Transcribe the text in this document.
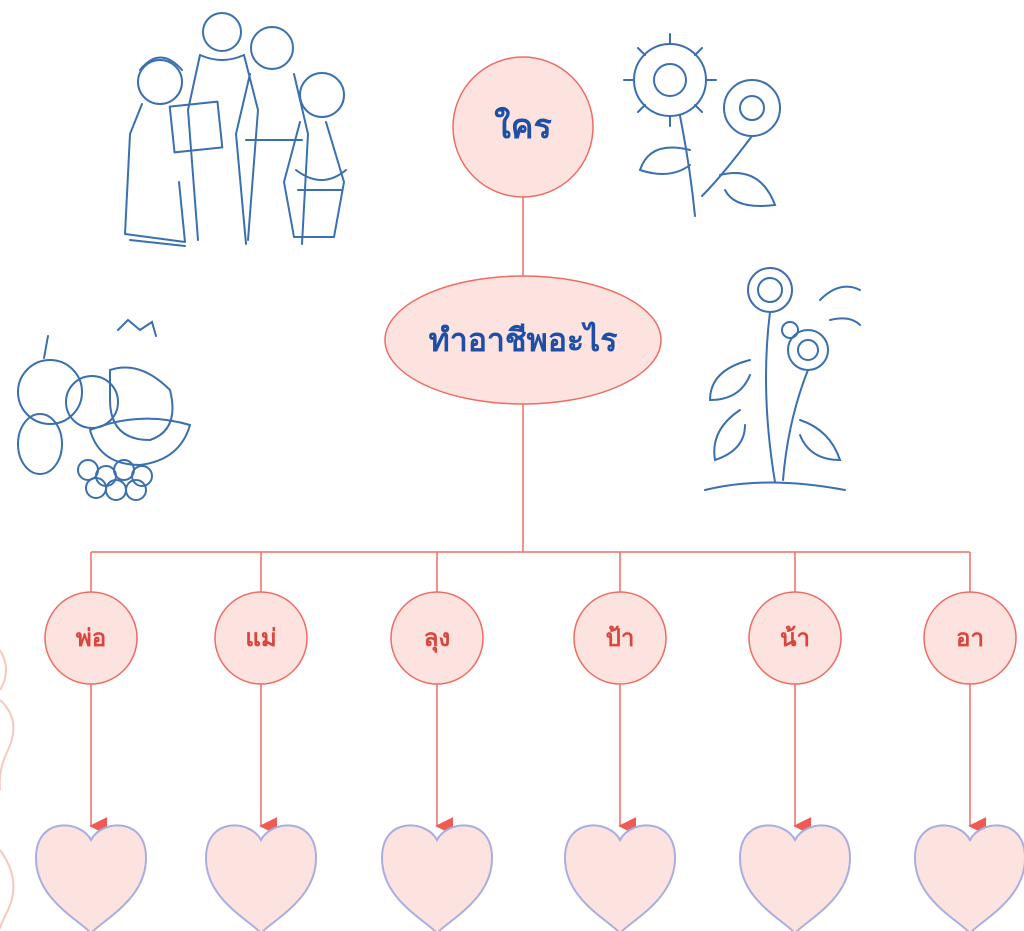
ใคร
ทำอาชีพอะไร
พ่อ	แม่	ลุง	ป้า	น้า	อา
